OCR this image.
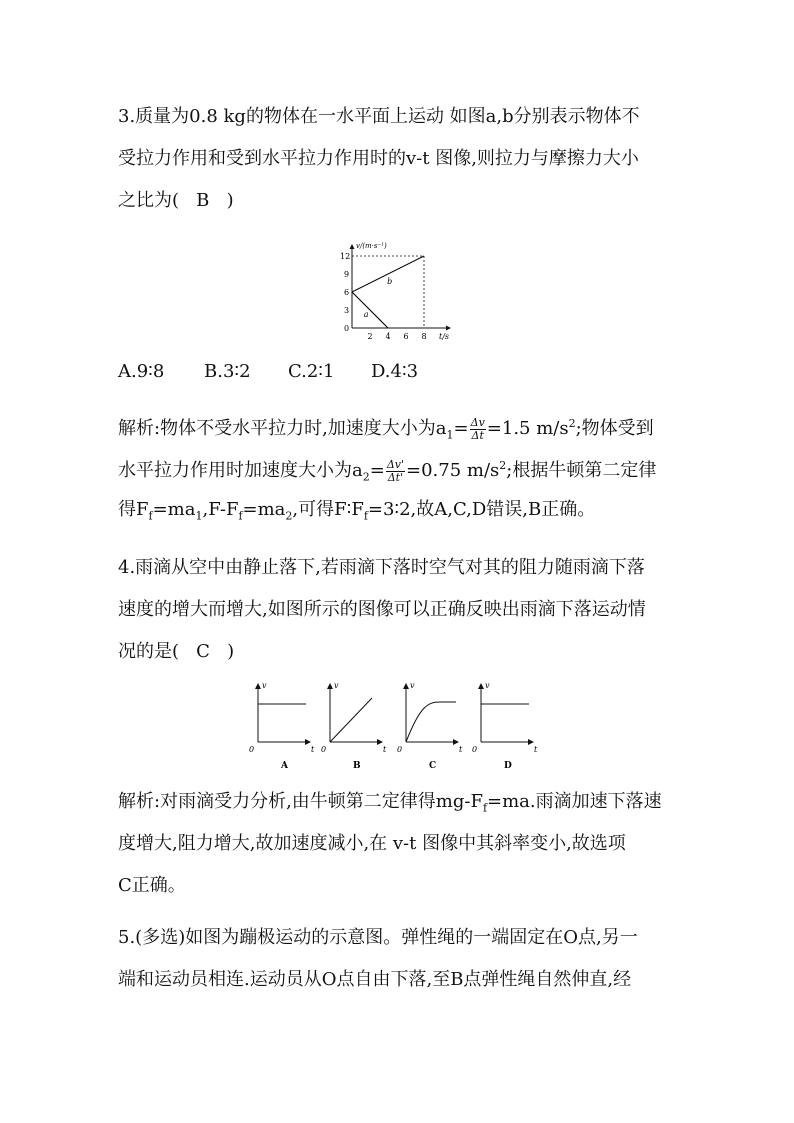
3.质量为0.8 kg的物体在一水平面上运动 如图a,b分别表示物体不
受拉力作用和受到水平拉力作用时的v-t 图像,则拉力与摩擦力大小
之比为(   B   )
v/(m·s⁻¹)
t/s
0
2 4 6 8
3
6
9
12
a
b
A.9∶8 B.3∶2 C.2∶1 D.4∶3
解析:物体不受水平拉力时,加速度大小为$a_1= \frac{\Delta v}{\Delta t} =1.5$ $m/s^2$;物体受到
水平拉力作用时加速度大小为$a_2= \frac{\Delta v'}{\Delta t'} =0.75$ $m/s^2$;根据牛顿第二定律
得$F_f=ma_1,F-F_f=ma_2$,可得$F∶F_f=3∶2$,故A,C,D错误,B正确。
4.雨滴从空中由静止落下,若雨滴下落时空气对其的阻力随雨滴下落
速度的增大而增大,如图所示的图像可以正确反映出雨滴下落运动情
况的是(   C   )
v
t
0
A
v
t
0
B
v
t
0
C
v
t
0
D
解析:对雨滴受力分析,由牛顿第二定律得$mg-F_f=ma$.雨滴加速下落速
度增大,阻力增大,故加速度减小,在 v-t 图像中其斜率变小,故选项
C正确。
5.(多选)如图为蹦极运动的示意图。弹性绳的一端固定在O点,另一
端和运动员相连.运动员从O点自由下落,至B点弹性绳自然伸直,经
